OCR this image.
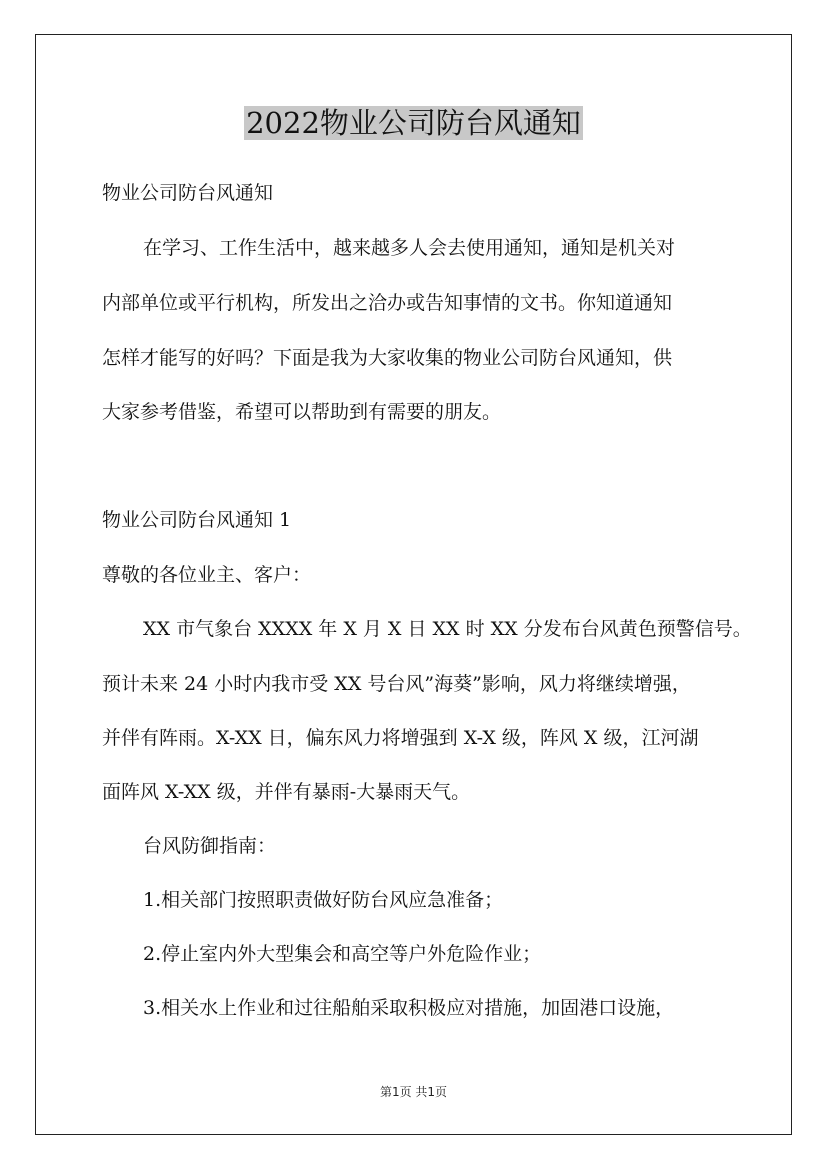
2022物业公司防台风通知
物业公司防台风通知
在学习、工作生活中，越来越多人会去使用通知，通知是机关对
内部单位或平行机构，所发出之洽办或告知事情的文书。你知道通知
怎样才能写的好吗？下面是我为大家收集的物业公司防台风通知，供
大家参考借鉴，希望可以帮助到有需要的朋友。
物业公司防台风通知 1
尊敬的各位业主、客户：
XX 市气象台 XXXX 年 X 月 X 日 XX 时 XX 分发布台风黄色预警信号。
预计未来 24 小时内我市受 XX 号台风”海葵”影响，风力将继续增强，
并伴有阵雨。X-XX 日，偏东风力将增强到 X-X 级，阵风 X 级，江河湖
面阵风 X-XX 级，并伴有暴雨-大暴雨天气。
台风防御指南：
1.相关部门按照职责做好防台风应急准备；
2.停止室内外大型集会和高空等户外危险作业；
3.相关水上作业和过往船舶采取积极应对措施，加固港口设施，
第1页 共1页
